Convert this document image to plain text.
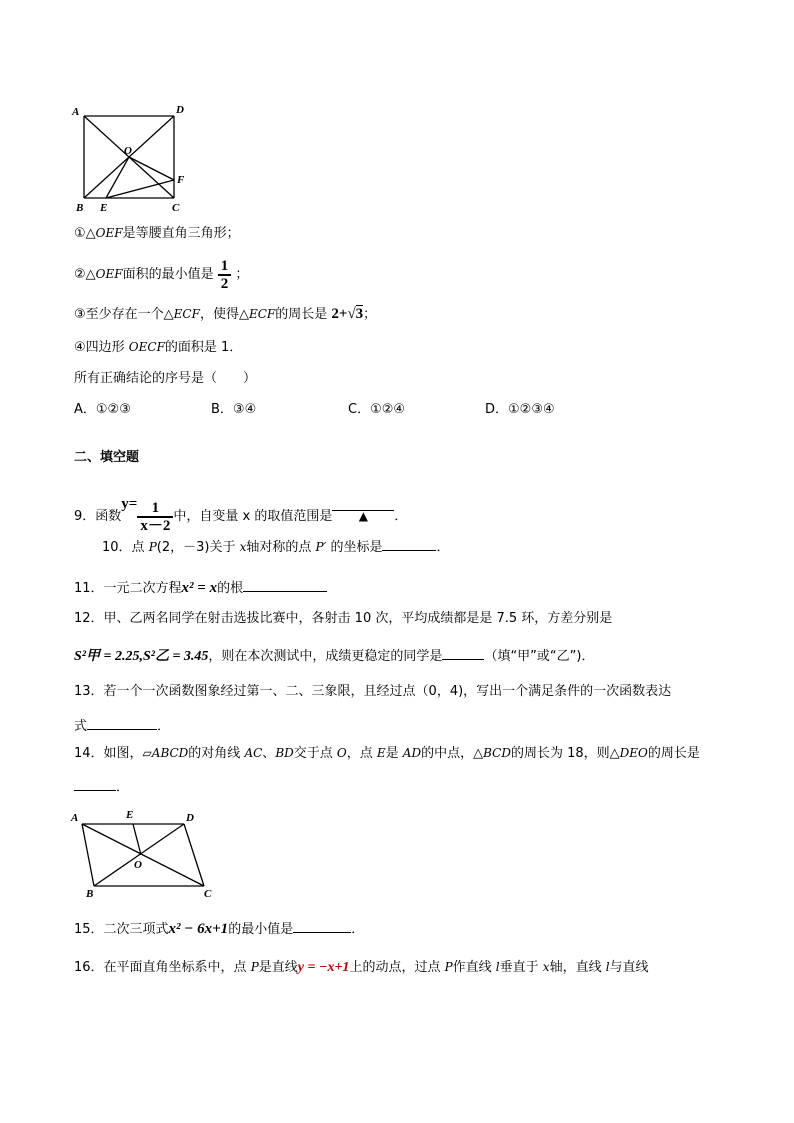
A	D
O
F
B E	C
①△OEF是等腰直角三角形；
②△OEF面积的最小值是 $\frac{1}{2}$ ；
③至少存在一个△ECF，使得△ECF的周长是 2+√3；
④四边形 OECF的面积是 1．
所有正确结论的序号是（　　）
A．①②③	B．③④	C．①②④	D．①②③④
二、填空题
9．函数$y= \frac{1}{x-2}$ 中，自变量 x 的取值范围是 ▲ ．
10．点 P(2，－3)关于 x轴对称的点 P′ 的坐标是	．
11．一元二次方程x² = x的根
12．甲、乙两名同学在射击选拔比赛中，各射击 10 次，平均成绩都是是 7.5 环，方差分别是
S²甲 = 2.25,S²乙 = 3.45，则在本次测试中，成绩更稳定的同学是	（填“甲”或“乙”)．
13．若一个一次函数图象经过第一、二、三象限，且经过点（0，4)，写出一个满足条件的一次函数表达
式	．
14．如图，▱ABCD的对角线 AC、BD交于点 O，点 E是 AD的中点，△BCD的周长为 18，则△DEO的周长是
．
A	E	D
O
B	C
15．二次三项式x² − 6x+1的最小值是	．
16．在平面直角坐标系中，点 P是直线y = −x+1上的动点，过点 P作直线 l垂直于 x轴，直线 l与直线
